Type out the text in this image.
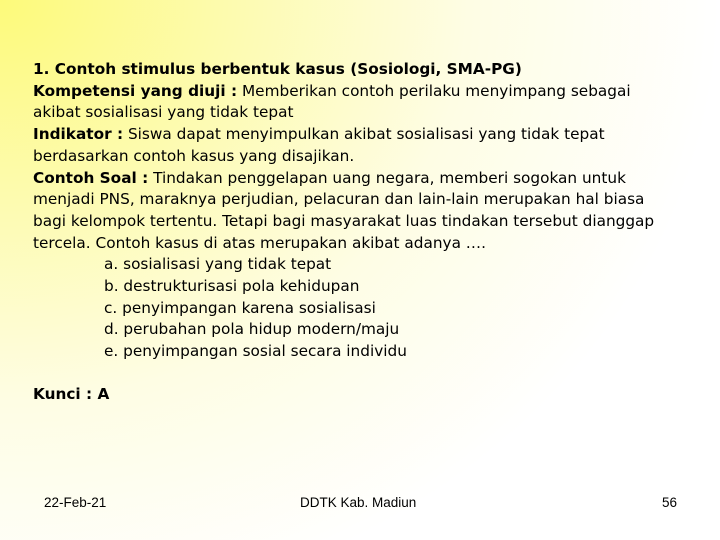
1. Contoh stimulus berbentuk kasus (Sosiologi, SMA-PG)

Kompetensi yang diuji : Memberikan contoh perilaku menyimpang sebagai akibat sosialisasi yang tidak tepat

Indikator : Siswa dapat menyimpulkan akibat sosialisasi yang tidak tepat berdasarkan contoh kasus yang disajikan.

Contoh Soal : Tindakan penggelapan uang negara, memberi sogokan untuk menjadi PNS, maraknya perjudian, pelacuran dan lain-lain merupakan hal biasa bagi kelompok tertentu. Tetapi bagi masyarakat luas tindakan tersebut dianggap tercela. Contoh kasus di atas merupakan akibat adanya ….

a. sosialisasi yang tidak tepat
b. destrukturisasi pola kehidupan
c. penyimpangan karena sosialisasi
d. perubahan pola hidup modern/maju
e. penyimpangan sosial secara individu

Kunci : A

22-Feb-21	DDTK Kab. Madiun	56
